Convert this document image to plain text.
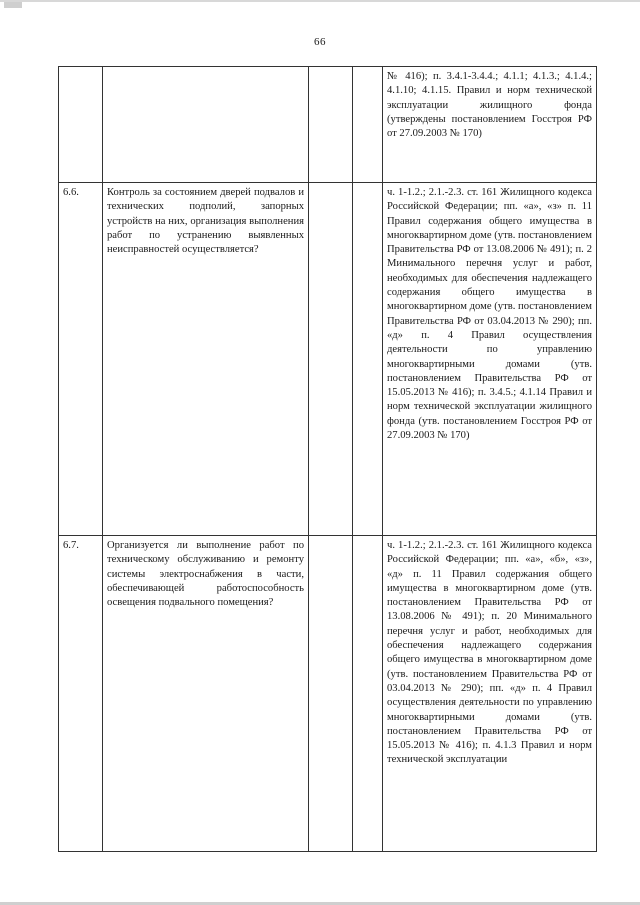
66
				№ 416); п. 3.4.1-3.4.4.; 4.1.1; 4.1.3.; 4.1.4.; 4.1.10; 4.1.15. Правил и норм технической эксплуатации жилищного фонда (утверждены постановлением Госстроя РФ от 27.09.2003 № 170)
6.6.	Контроль за состоянием дверей подвалов и технических подполий, запорных устройств на них, организация выполнения работ по устранению выявленных неисправностей осуществляется?			ч. 1-1.2.; 2.1.-2.3. ст. 161 Жилищного кодекса Российской Федерации; пп. «а», «з» п. 11 Правил содержания общего имущества в многоквартирном доме (утв. постановлением Правительства РФ от 13.08.2006 № 491); п. 2 Минимального перечня услуг и работ, необходимых для обеспечения надлежащего содержания общего имущества в многоквартирном доме (утв. постановлением Правительства РФ от 03.04.2013 № 290); пп. «д» п. 4 Правил осуществления деятельности по управлению многоквартирными домами (утв. постановлением Правительства РФ от 15.05.2013 № 416); п. 3.4.5.; 4.1.14 Правил и норм технической эксплуатации жилищного фонда (утв. постановлением Госстроя РФ от 27.09.2003 № 170)
6.7.	Организуется ли выполнение работ по техническому обслуживанию и ремонту системы электроснабжения в части, обеспечивающей работоспособность освещения подвального помещения?			ч. 1-1.2.; 2.1.-2.3. ст. 161 Жилищного кодекса Российской Федерации; пп. «а», «б», «з», «д» п. 11 Правил содержания общего имущества в многоквартирном доме (утв. постановлением Правительства РФ от 13.08.2006 № 491); п. 20 Минимального перечня услуг и работ, необходимых для обеспечения надлежащего содержания общего имущества в многоквартирном доме (утв. постановлением Правительства РФ от 03.04.2013 № 290); пп. «д» п. 4 Правил осуществления деятельности по управлению многоквартирными домами (утв. постановлением Правительства РФ от 15.05.2013 № 416); п. 4.1.3 Правил и норм технической эксплуатации
